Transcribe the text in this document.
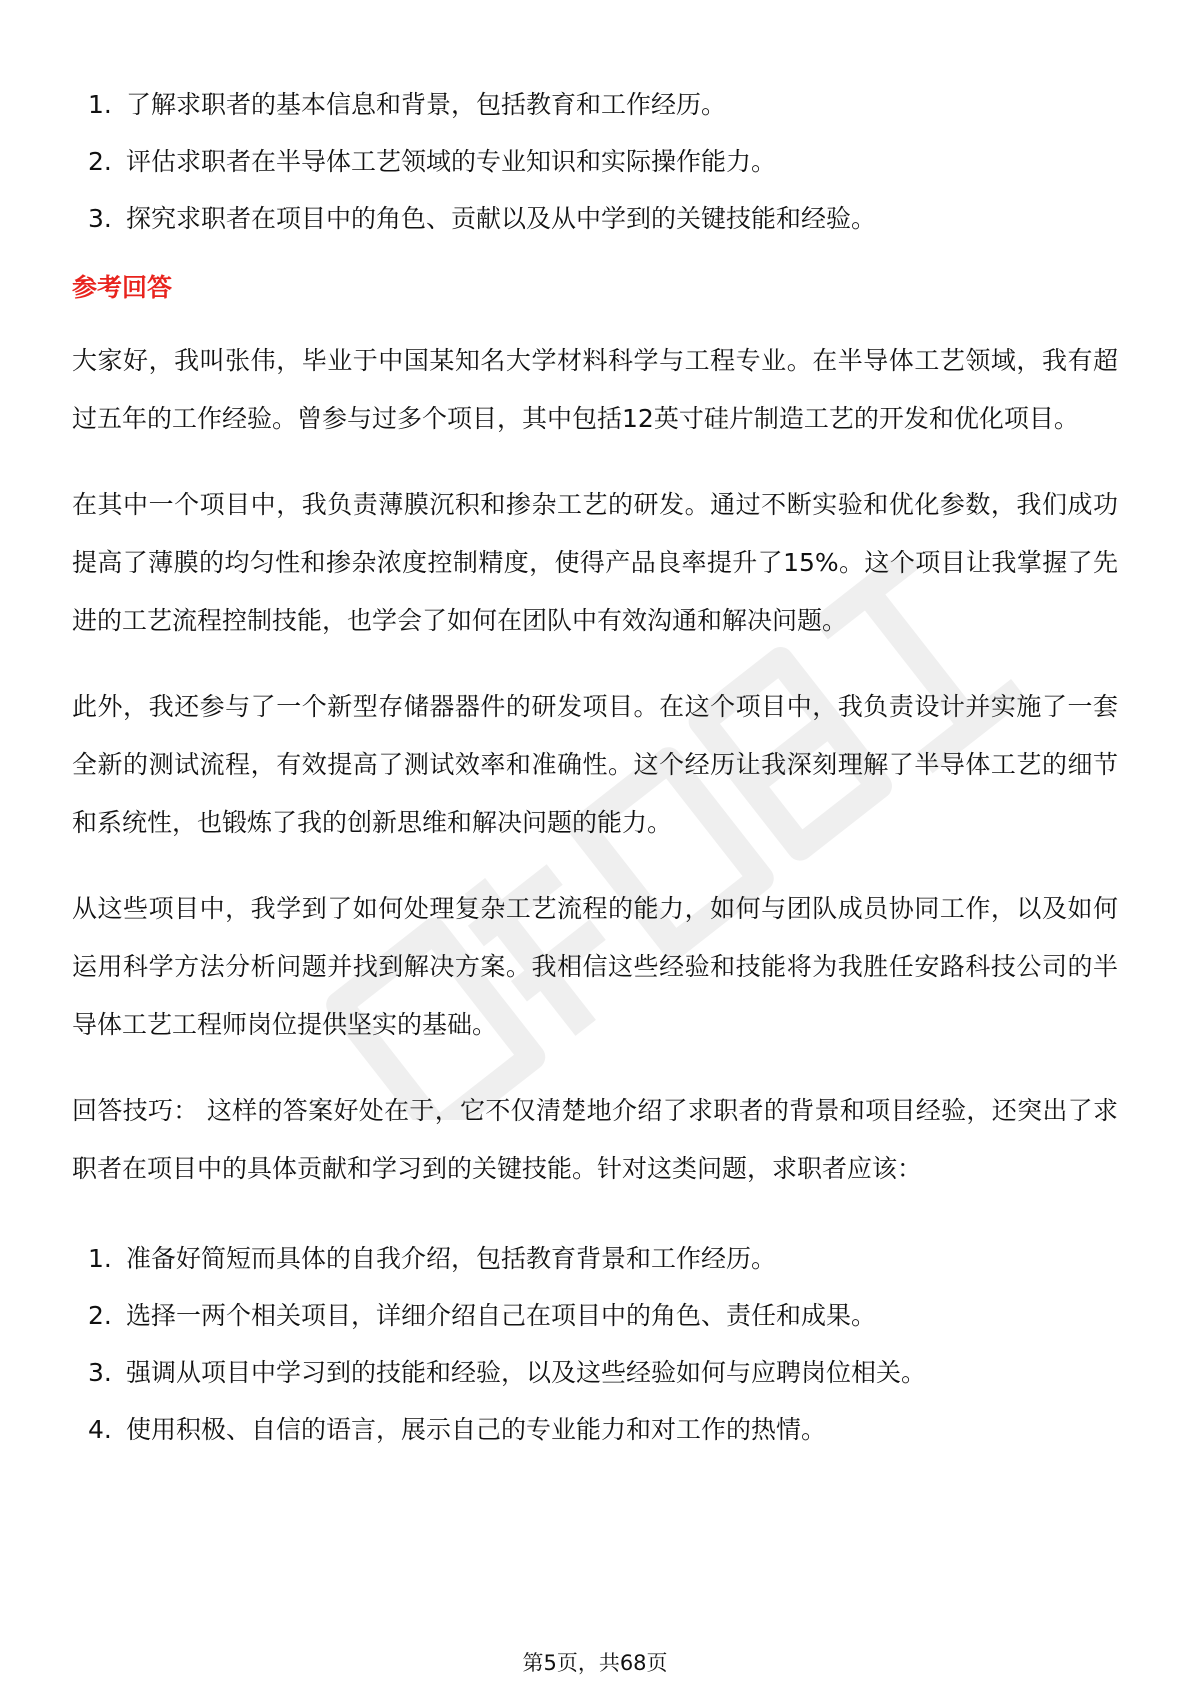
1. 了解求职者的基本信息和背景，包括教育和工作经历。
2. 评估求职者在半导体工艺领域的专业知识和实际操作能力。
3. 探究求职者在项目中的角色、贡献以及从中学到的关键技能和经验。
参考回答

大家好，我叫张伟，毕业于中国某知名大学材料科学与工程专业。在半导体工艺领域，我有超过五年的工作经验。曾参与过多个项目，其中包括12英寸硅片制造工艺的开发和优化项目。

在其中一个项目中，我负责薄膜沉积和掺杂工艺的研发。通过不断实验和优化参数，我们成功提高了薄膜的均匀性和掺杂浓度控制精度，使得产品良率提升了15%。这个项目让我掌握了先进的工艺流程控制技能，也学会了如何在团队中有效沟通和解决问题。

此外，我还参与了一个新型存储器器件的研发项目。在这个项目中，我负责设计并实施了一套全新的测试流程，有效提高了测试效率和准确性。这个经历让我深刻理解了半导体工艺的细节和系统性，也锻炼了我的创新思维和解决问题的能力。

从这些项目中，我学到了如何处理复杂工艺流程的能力，如何与团队成员协同工作，以及如何运用科学方法分析问题并找到解决方案。我相信这些经验和技能将为我胜任安路科技公司的半导体工艺工程师岗位提供坚实的基础。

回答技巧： 这样的答案好处在于，它不仅清楚地介绍了求职者的背景和项目经验，还突出了求职者在项目中的具体贡献和学习到的关键技能。针对这类问题，求职者应该：

1. 准备好简短而具体的自我介绍，包括教育背景和工作经历。
2. 选择一两个相关项目，详细介绍自己在项目中的角色、责任和成果。
3. 强调从项目中学习到的技能和经验，以及这些经验如何与应聘岗位相关。
4. 使用积极、自信的语言，展示自己的专业能力和对工作的热情。
第5页，共68页
